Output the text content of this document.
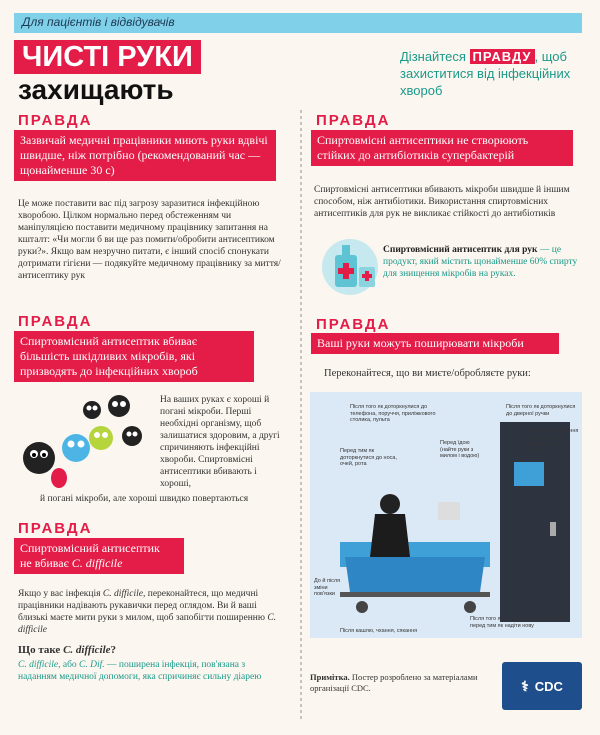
Для пацієнтів і відвідувачів
ЧИСТІ РУКИ
захищають
Дізнайтеся ПРАВДУ , щоб
захиститися від інфекційних хвороб
ПРАВДА
Зазвичай медичні працівники миють руки вдвічі швидше, ніж потрібно (рекомендований час — щонайменше 30 с)
Це може поставити вас під загрозу заразитися інфекційною хворобою. Цілком нормально перед обстеженням чи маніпуляцією поставити медичному працівнику запитання на кшталт: «Чи могли б ви ще раз помити/обробити антисептиком руки?». Якщо вам незручно питати, є інший спосіб спонукати дотримати гігієни — подякуйте медичному працівнику за миття/антисептику рук
ПРАВДА
Спиртовмісний антисептик вбиває більшість шкідливих мікробів, які призводять до інфекційних хвороб
На ваших руках є хороші й погані мікроби. Перші необхідні організму, щоб залишатися здоровим, а другі спричиняють інфекційні хвороби. Спиртовмісні антисептики вбивають і хороші,
й погані мікроби, але хороші швидко повертаються
ПРАВДА
Спиртовмісний антисептик
не вбиває C. difficile
Якщо у вас інфекція C. difficile, переконайтеся, що медичні працівники надівають рукавички перед оглядом. Ви й ваші близькі маєте мити руки з милом, щоб запобігти поширенню C. difficile
Що таке C. difficile?
C. difficile, або C. Dif. — поширена інфекція, пов'язана з наданням медичної допомоги, яка спричиняє сильну діарею
ПРАВДА
Спиртовмісні антисептики не створюють стійких до антибіотиків супербактерій
Спиртовмісні антисептики вбивають мікроби швидше й іншим способом, ніж антибіотики. Використання спиртовмісних антисептиків для рук не викликає стійкості до антибіотиків
Спиртовмісний антисептик для рук — це продукт, який містить щонайменше 60% спирту для знищення мікробів на руках.
ПРАВДА
Ваші руки можуть поширювати мікроби
Переконайтеся, що ви миєте/обробляєте руки:
Після того як доторкнулися до телефона, поруччя, приліжкового столика, пульта
Після того як доторкнулися до дверної ручки
Перед тим як доторкнутися до носа, очей, рота
Перед їдою (найте руки з милом і водою)
Після користування туалетом (найте руки з милом і водою)
До й після зміни пов'язки
Після кашлю, чхання, сякання
Після того як зняли медичну маску й перед тим як надіти нову
Примітка. Постер розроблено за матеріалами організації CDC.	⚕ CDC
